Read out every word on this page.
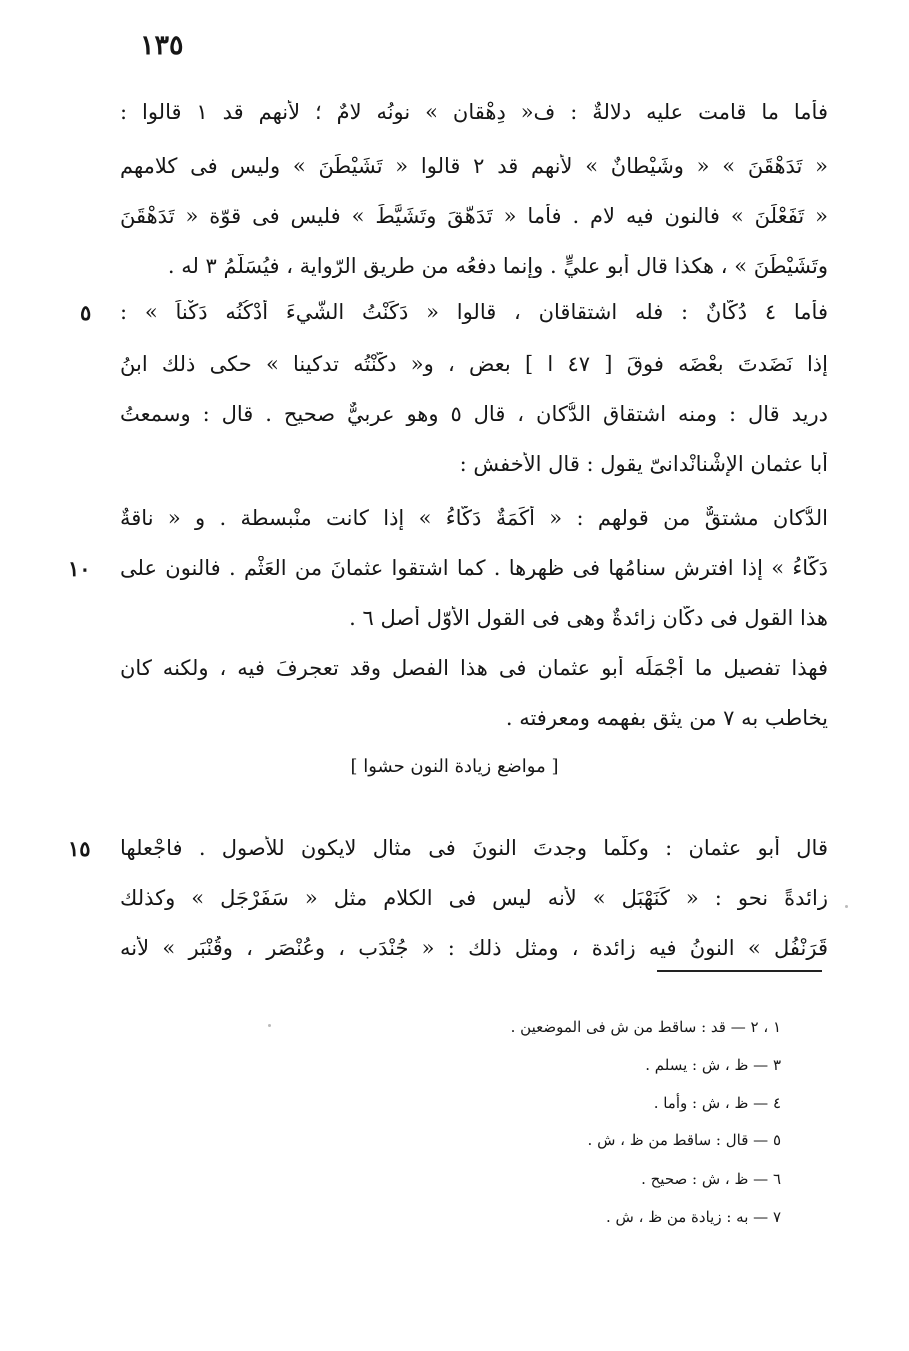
١٣٥
فأما ما قامت عليه دلالةٌ : ف« دِهْقان » نونُه لامٌ ؛ لأنهم قد ١ قالوا :
« تَدَهْقَنَ » « وشَيْطانٌ » لأنهم قد ٢ قالوا « تَشَيْطَنَ » وليس فى كلامهم
« تَفَعْلَنَ » فالنون فيه لام . فأما « تَدَهّقَ وتَشَيَّطَ » فليس فى قوّة « تَدَهْقَنَ
وتَشَيْطَنَ » ، هكذا قال أبو عليٍّ . وإنما دفعُه من طريقِ الرّواية ، فيُسَلَّمُ ٣ له .
فأما ٤ دُكّانٌ : فله اشتقاقان ، قالوا « دَكَنْتُ الشّيءَ أدْكُنُه دَكْناً » :
إذا نَضَدتَ بعْضَه فوقَ [ ٤٧ ا ] بعضٍ ، و« دكَّنْتُه تدكينا » حكى ذلك ابنُ
دريد قال : ومنه اشتقاق الدُّكان ، قال ٥ وهو عربيٌّ صحيح . قال : وسمعتُ
أبا عثمان الإشْنانْدانىّ يقول : قال الأخفش :
الدُّكان مشتقٌّ من قولهم : « أكَمَةٌ دَكّاءُ » إذا كانت منْبسطة . و « ناقةٌ
دَكّاءُ » إذا افترش سنامُها فى ظهرها . كما اشتقوا عثمانَ من العَثْم . فالنون على
هذا القول فى دكّان زائدةٌ وهى فى القول الأوّل أصل ٦ .
فهذا تفصيل ما أجْمَلَه أبو عثمان فى هذا الفصل وقد تعجرفَ فيه ، ولكنه كان
يخاطب به ٧ من يثق بفهمه ومعرفته .
[ مواضع زيادة النون حشوا ]
قال أبو عثمان : وكلّما وجدتَ النونَ فى مثالٍ لايكون للأصول . فاجْعلها
زائدةً نحو : « كَنَهْبَلٍ » لأنه ليس فى الكلام مثل « سَفَرْجَلٍ » وكذلك
قَرَنْفُل » النونُ فيه زائدة ، ومثل ذلك : « جُنْدَب ، وعُنْصَر ، وقُنْبَر » لأنه
٥
١٠
١٥
١ ، ٢ — قد : ساقط من ش فى الموضعين .
٣ — ظ ، ش : يسلم .
٤ — ظ ، ش : وأما .
٥ — قال : ساقط من ظ ، ش .
٦ — ظ ، ش : صحيح .
٧ — به : زيادة من ظ ، ش .
